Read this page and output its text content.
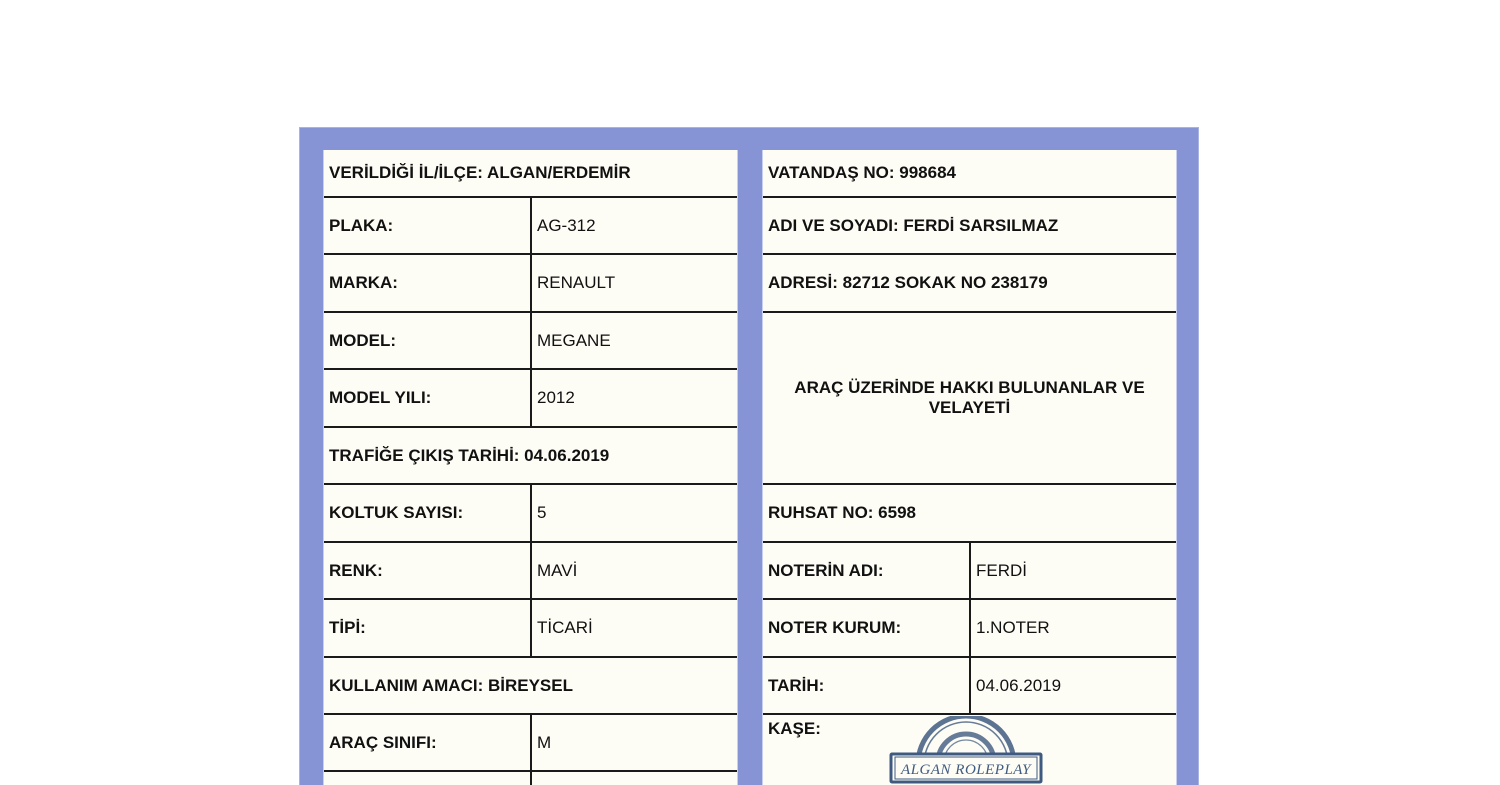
VERİLDİĞİ İL/İLÇE: ALGAN/ERDEMİR
PLAKA:	AG-312
MARKA:	RENAULT
MODEL:	MEGANE
MODEL YILI:	2012
TRAFİĞE ÇIKIŞ TARİHİ: 04.06.2019
KOLTUK SAYISI:	5
RENK:	MAVİ
TİPİ:	TİCARİ
KULLANIM AMACI: BİREYSEL
ARAÇ SINIFI:	M
VATANDAŞ NO: 998684
ADI VE SOYADI: FERDİ SARSILMAZ
ADRESİ: 82712 SOKAK NO 238179
ARAÇ ÜZERİNDE HAKKI BULUNANLAR VE VELAYETİ
RUHSAT NO: 6598
NOTERİN ADI:	FERDİ
NOTER KURUM:	1.NOTER
TARİH:	04.06.2019
KAŞE:
ALGAN ROLEPLAY
